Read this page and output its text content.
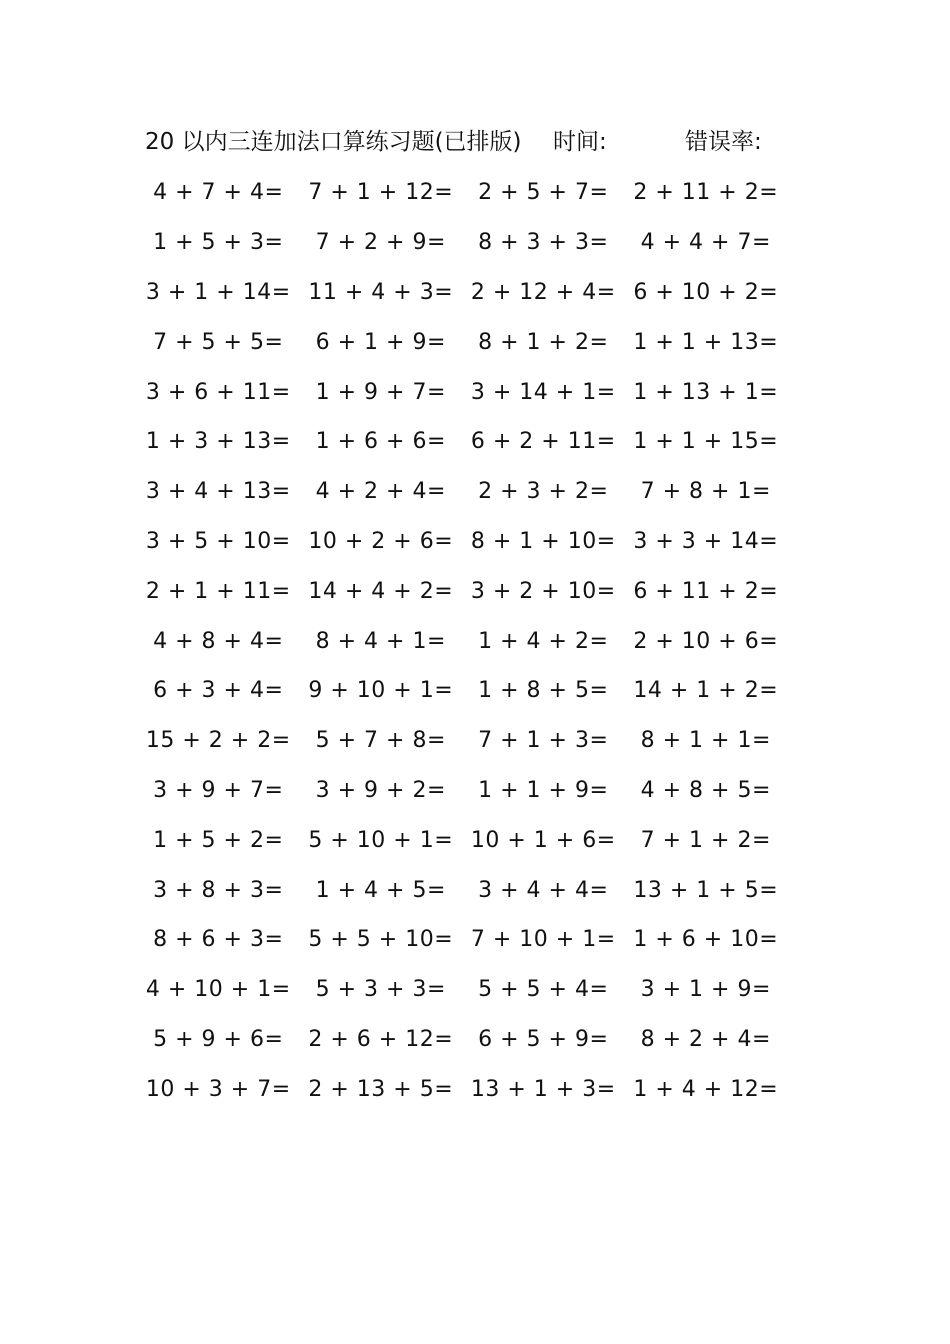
20 以内三连加法口算练习题(已排版) 时间:	错误率:
4 + 7 + 4=	7 + 1 + 12=	2 + 5 + 7=	2 + 11 + 2=
1 + 5 + 3=	7 + 2 + 9=	8 + 3 + 3=	4 + 4 + 7=
3 + 1 + 14= 11 + 4 + 3= 2 + 12 + 4= 6 + 10 + 2=
7 + 5 + 5=	6 + 1 + 9=	8 + 1 + 2=	1 + 1 + 13=
3 + 6 + 11=	1 + 9 + 7=	3 + 14 + 1= 1 + 13 + 1=
1 + 3 + 13=	1 + 6 + 6=	6 + 2 + 11= 1 + 1 + 15=
3 + 4 + 13=	4 + 2 + 4=	2 + 3 + 2=	7 + 8 + 1=
3 + 5 + 10= 10 + 2 + 6= 8 + 1 + 10= 3 + 3 + 14=
2 + 1 + 11= 14 + 4 + 2= 3 + 2 + 10= 6 + 11 + 2=
4 + 8 + 4=	8 + 4 + 1=	1 + 4 + 2=	2 + 10 + 6=
6 + 3 + 4=	9 + 10 + 1=	1 + 8 + 5=	14 + 1 + 2=
15 + 2 + 2=	5 + 7 + 8=	7 + 1 + 3=	8 + 1 + 1=
3 + 9 + 7=	3 + 9 + 2=	1 + 1 + 9=	4 + 8 + 5=
1 + 5 + 2=	5 + 10 + 1= 10 + 1 + 6=	7 + 1 + 2=
3 + 8 + 3=	1 + 4 + 5=	3 + 4 + 4=	13 + 1 + 5=
8 + 6 + 3=	5 + 5 + 10= 7 + 10 + 1= 1 + 6 + 10=
4 + 10 + 1=	5 + 3 + 3=	5 + 5 + 4=	3 + 1 + 9=
5 + 9 + 6=	2 + 6 + 12=	6 + 5 + 9=	8 + 2 + 4=
10 + 3 + 7= 2 + 13 + 5= 13 + 1 + 3= 1 + 4 + 12=
